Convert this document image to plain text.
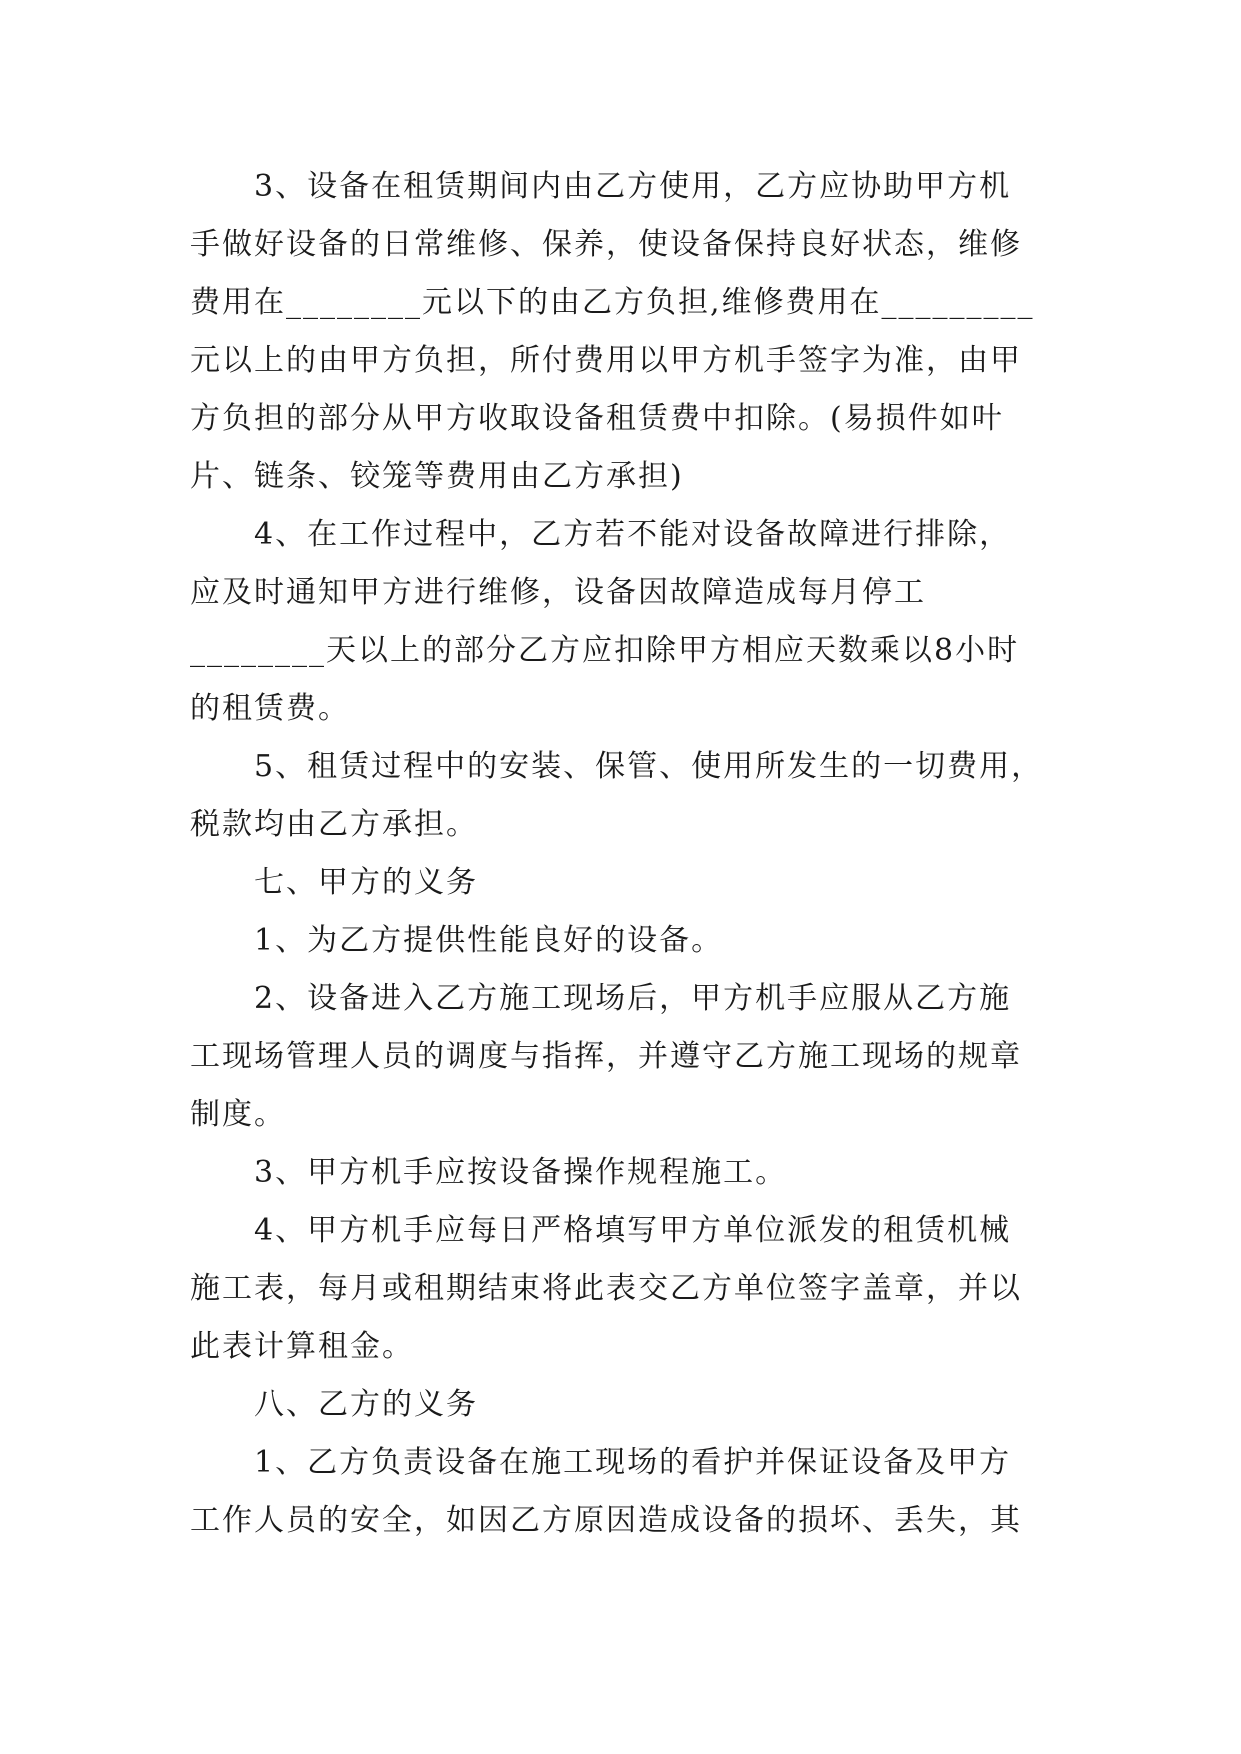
3、设备在租赁期间内由乙方使用，乙方应协助甲方机
手做好设备的日常维修、保养，使设备保持良好状态，维修
费用在________元以下的由乙方负担,维修费用在_________
元以上的由甲方负担，所付费用以甲方机手签字为准，由甲
方负担的部分从甲方收取设备租赁费中扣除。(易损件如叶
片、链条、铰笼等费用由乙方承担)

4、在工作过程中，乙方若不能对设备故障进行排除，
应及时通知甲方进行维修，设备因故障造成每月停工
________天以上的部分乙方应扣除甲方相应天数乘以8小时
的租赁费。

5、租赁过程中的安装、保管、使用所发生的一切费用，
税款均由乙方承担。

七、甲方的义务

1、为乙方提供性能良好的设备。

2、设备进入乙方施工现场后，甲方机手应服从乙方施
工现场管理人员的调度与指挥，并遵守乙方施工现场的规章
制度。

3、甲方机手应按设备操作规程施工。

4、甲方机手应每日严格填写甲方单位派发的租赁机械
施工表，每月或租期结束将此表交乙方单位签字盖章，并以
此表计算租金。

八、乙方的义务

1、乙方负责设备在施工现场的看护并保证设备及甲方
工作人员的安全，如因乙方原因造成设备的损坏、丢失，其
